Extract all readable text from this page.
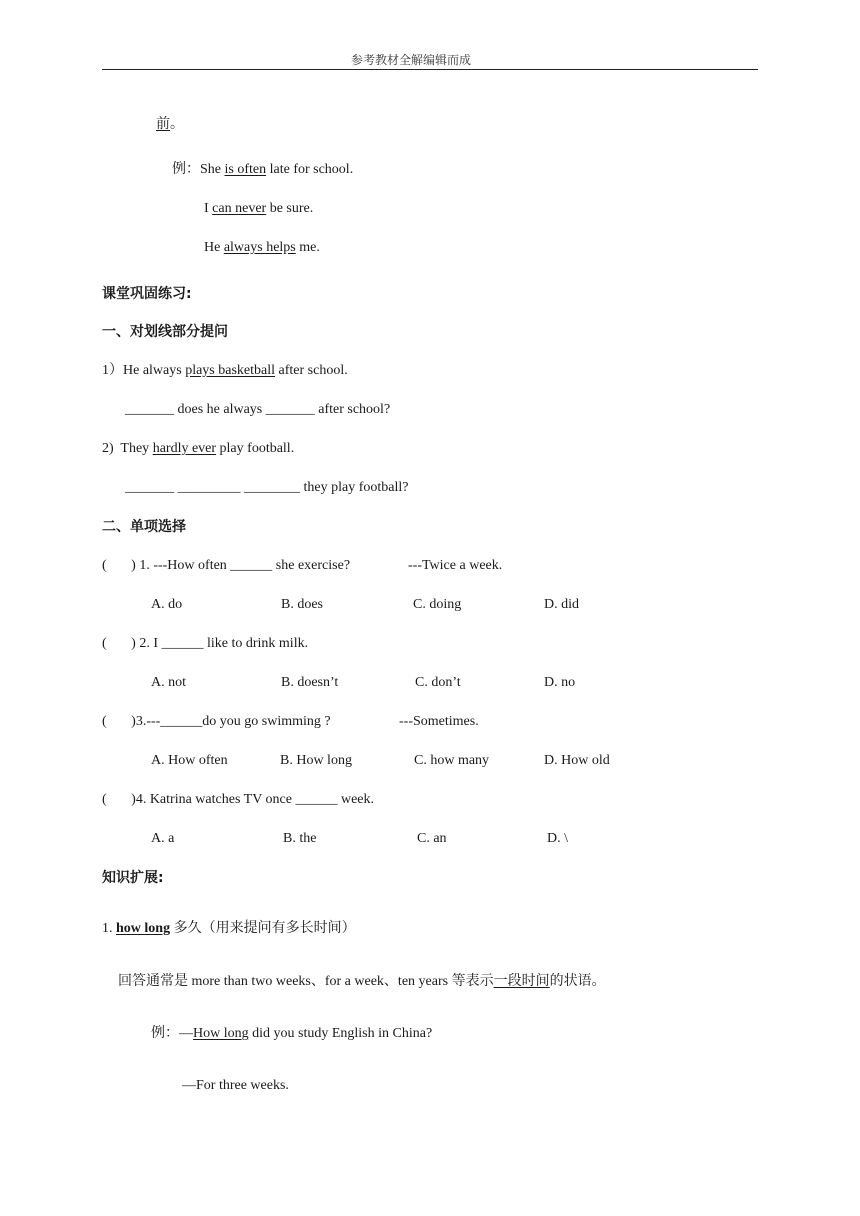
参考教材全解编辑而成
前。
例：She is often late for school.
I can never be sure.
He always helps me.
课堂巩固练习:
一、对划线部分提问
1）He always plays basketball after school.
_______ does he always _______ after school?
2)  They hardly ever play football.
_______ _________ ________ they play football?
二、单项选择
(       ) 1. ---How often ______ she exercise?	---Twice a week.
A. do	B. does	C. doing	D. did
(       ) 2. I ______ like to drink milk.
A. not	B. doesn’t	C. don’t	D. no
(       )3.---______do you go swimming ?	---Sometimes.
A. How often	B. How long	C. how many	D. How old
(       )4. Katrina watches TV once ______ week.
A. a	B. the	C. an	D. \
知识扩展:
1. how long 多久（用来提问有多长时间）
回答通常是 more than two weeks、for a week、ten years 等表示一段时间的状语。
例：—How long did you study English in China?
—For three weeks.
